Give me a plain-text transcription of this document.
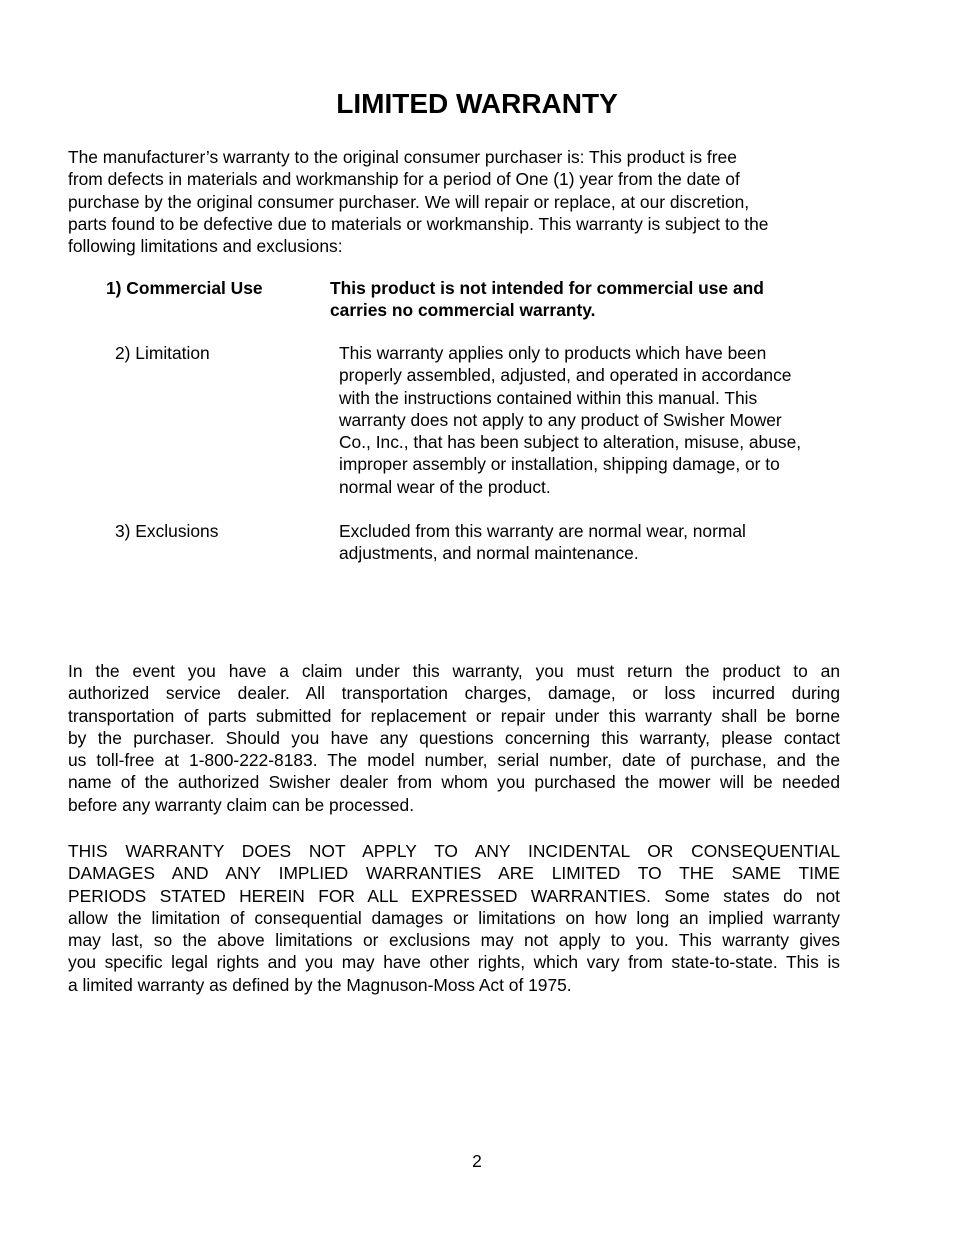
LIMITED WARRANTY
The manufacturer’s warranty to the original consumer purchaser is: This product is free
from defects in materials and workmanship for a period of One (1) year from the date of
purchase by the original consumer purchaser. We will repair or replace, at our discretion,
parts found to be defective due to materials or workmanship. This warranty is subject to the
following limitations and exclusions:
1) Commercial Use	This product is not intended for commercial use and
carries no commercial warranty.
2) Limitation	This warranty applies only to products which have been
properly assembled, adjusted, and operated in accordance
with the instructions contained within this manual. This
warranty does not apply to any product of Swisher Mower
Co., Inc., that has been subject to alteration, misuse, abuse,
improper assembly or installation, shipping damage, or to
normal wear of the product.
3) Exclusions	Excluded from this warranty are normal wear, normal
adjustments, and normal maintenance.
In the event you have a claim under this warranty, you must return the product to an
authorized service dealer. All transportation charges, damage, or loss incurred during
transportation of parts submitted for replacement or repair under this warranty shall be borne
by the purchaser. Should you have any questions concerning this warranty, please contact
us toll-free at 1-800-222-8183. The model number, serial number, date of purchase, and the
name of the authorized Swisher dealer from whom you purchased the mower will be needed
before any warranty claim can be processed.
THIS WARRANTY DOES NOT APPLY TO ANY INCIDENTAL OR CONSEQUENTIAL
DAMAGES AND ANY IMPLIED WARRANTIES ARE LIMITED TO THE SAME TIME
PERIODS STATED HEREIN FOR ALL EXPRESSED WARRANTIES. Some states do not
allow the limitation of consequential damages or limitations on how long an implied warranty
may last, so the above limitations or exclusions may not apply to you. This warranty gives
you specific legal rights and you may have other rights, which vary from state-to-state. This is
a limited warranty as defined by the Magnuson-Moss Act of 1975.
2
